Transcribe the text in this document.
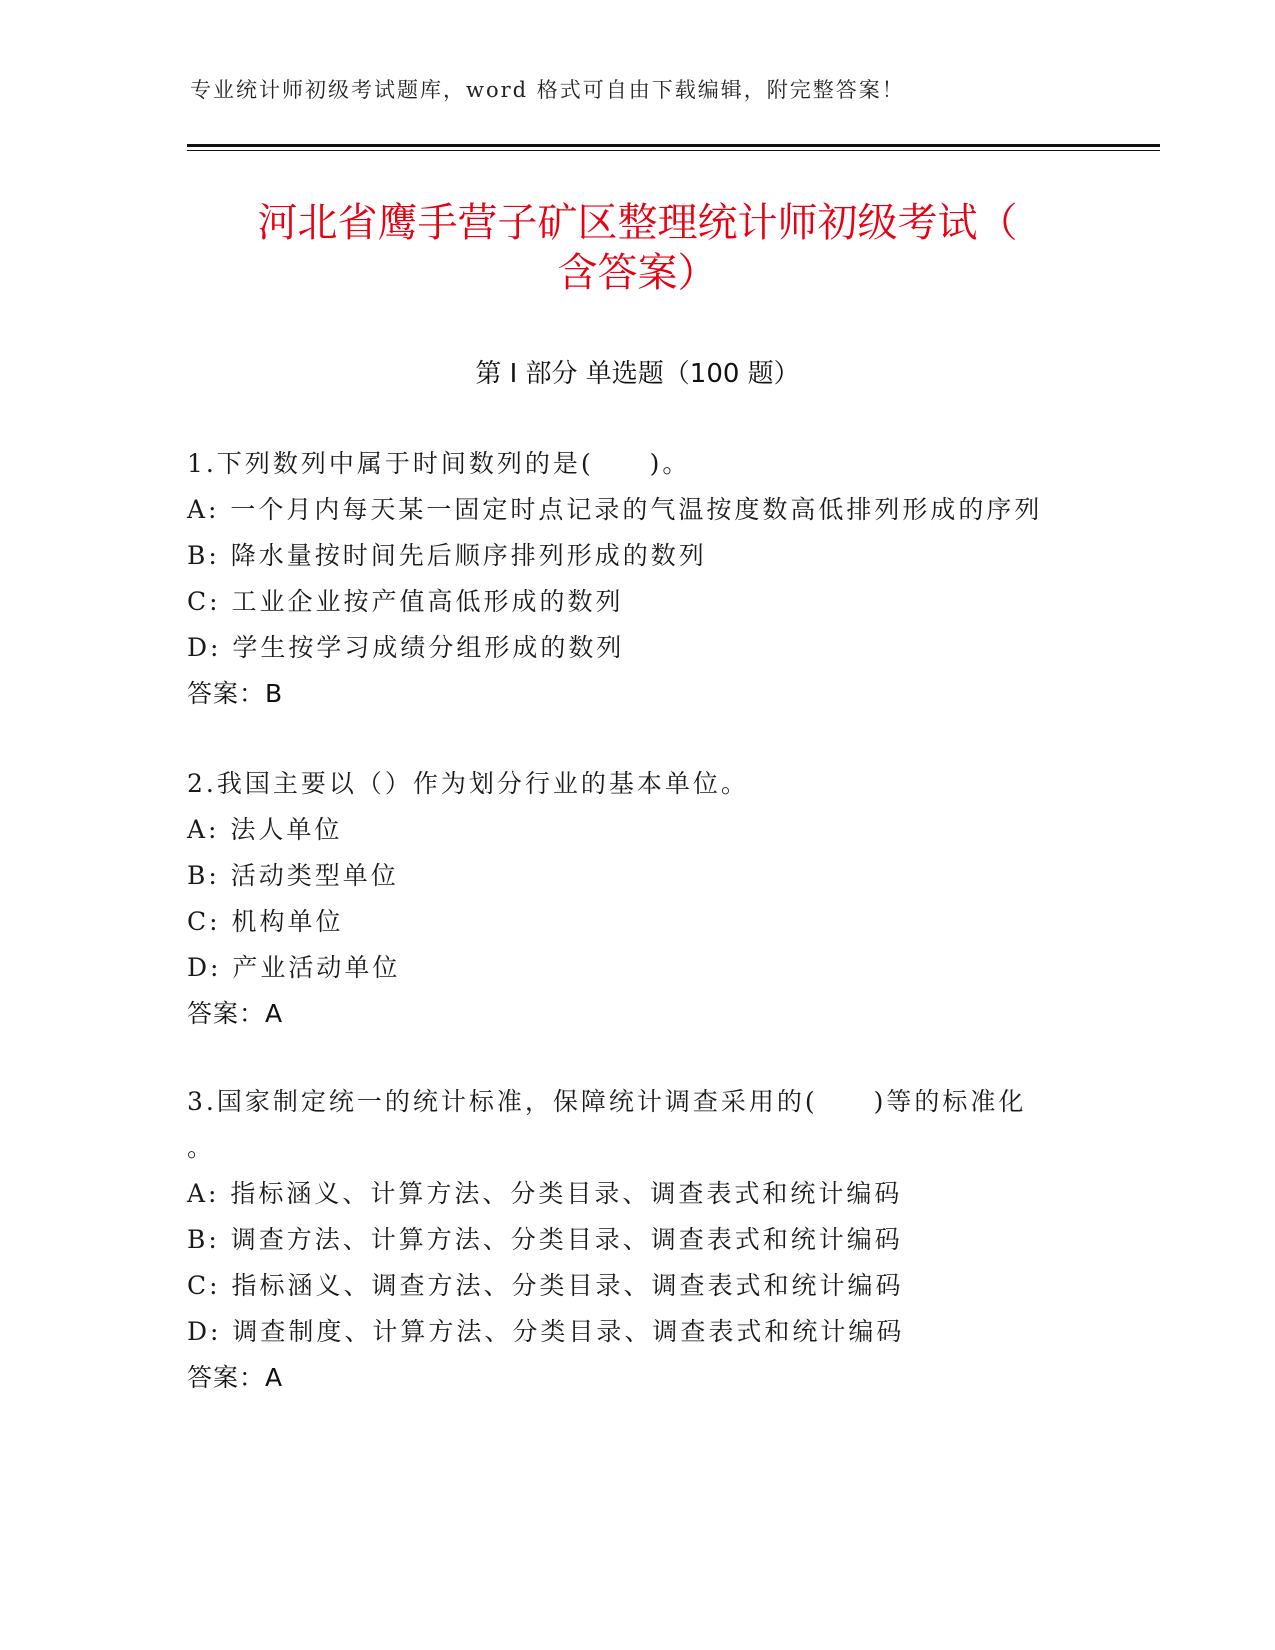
专业统计师初级考试题库，word 格式可自由下载编辑，附完整答案！
河北省鹰手营子矿区整理统计师初级考试（
含答案）
第 I 部分 单选题（100 题）
1.下列数列中属于时间数列的是(　　)。
A: 一个月内每天某一固定时点记录的气温按度数高低排列形成的序列
B: 降水量按时间先后顺序排列形成的数列
C: 工业企业按产值高低形成的数列
D: 学生按学习成绩分组形成的数列
答案：B
2.我国主要以（）作为划分行业的基本单位。
A: 法人单位
B: 活动类型单位
C: 机构单位
D: 产业活动单位
答案：A
3.国家制定统一的统计标准，保障统计调查采用的(　　)等的标准化
。
A: 指标涵义、计算方法、分类目录、调查表式和统计编码
B: 调查方法、计算方法、分类目录、调查表式和统计编码
C: 指标涵义、调查方法、分类目录、调查表式和统计编码
D: 调查制度、计算方法、分类目录、调查表式和统计编码
答案：A
